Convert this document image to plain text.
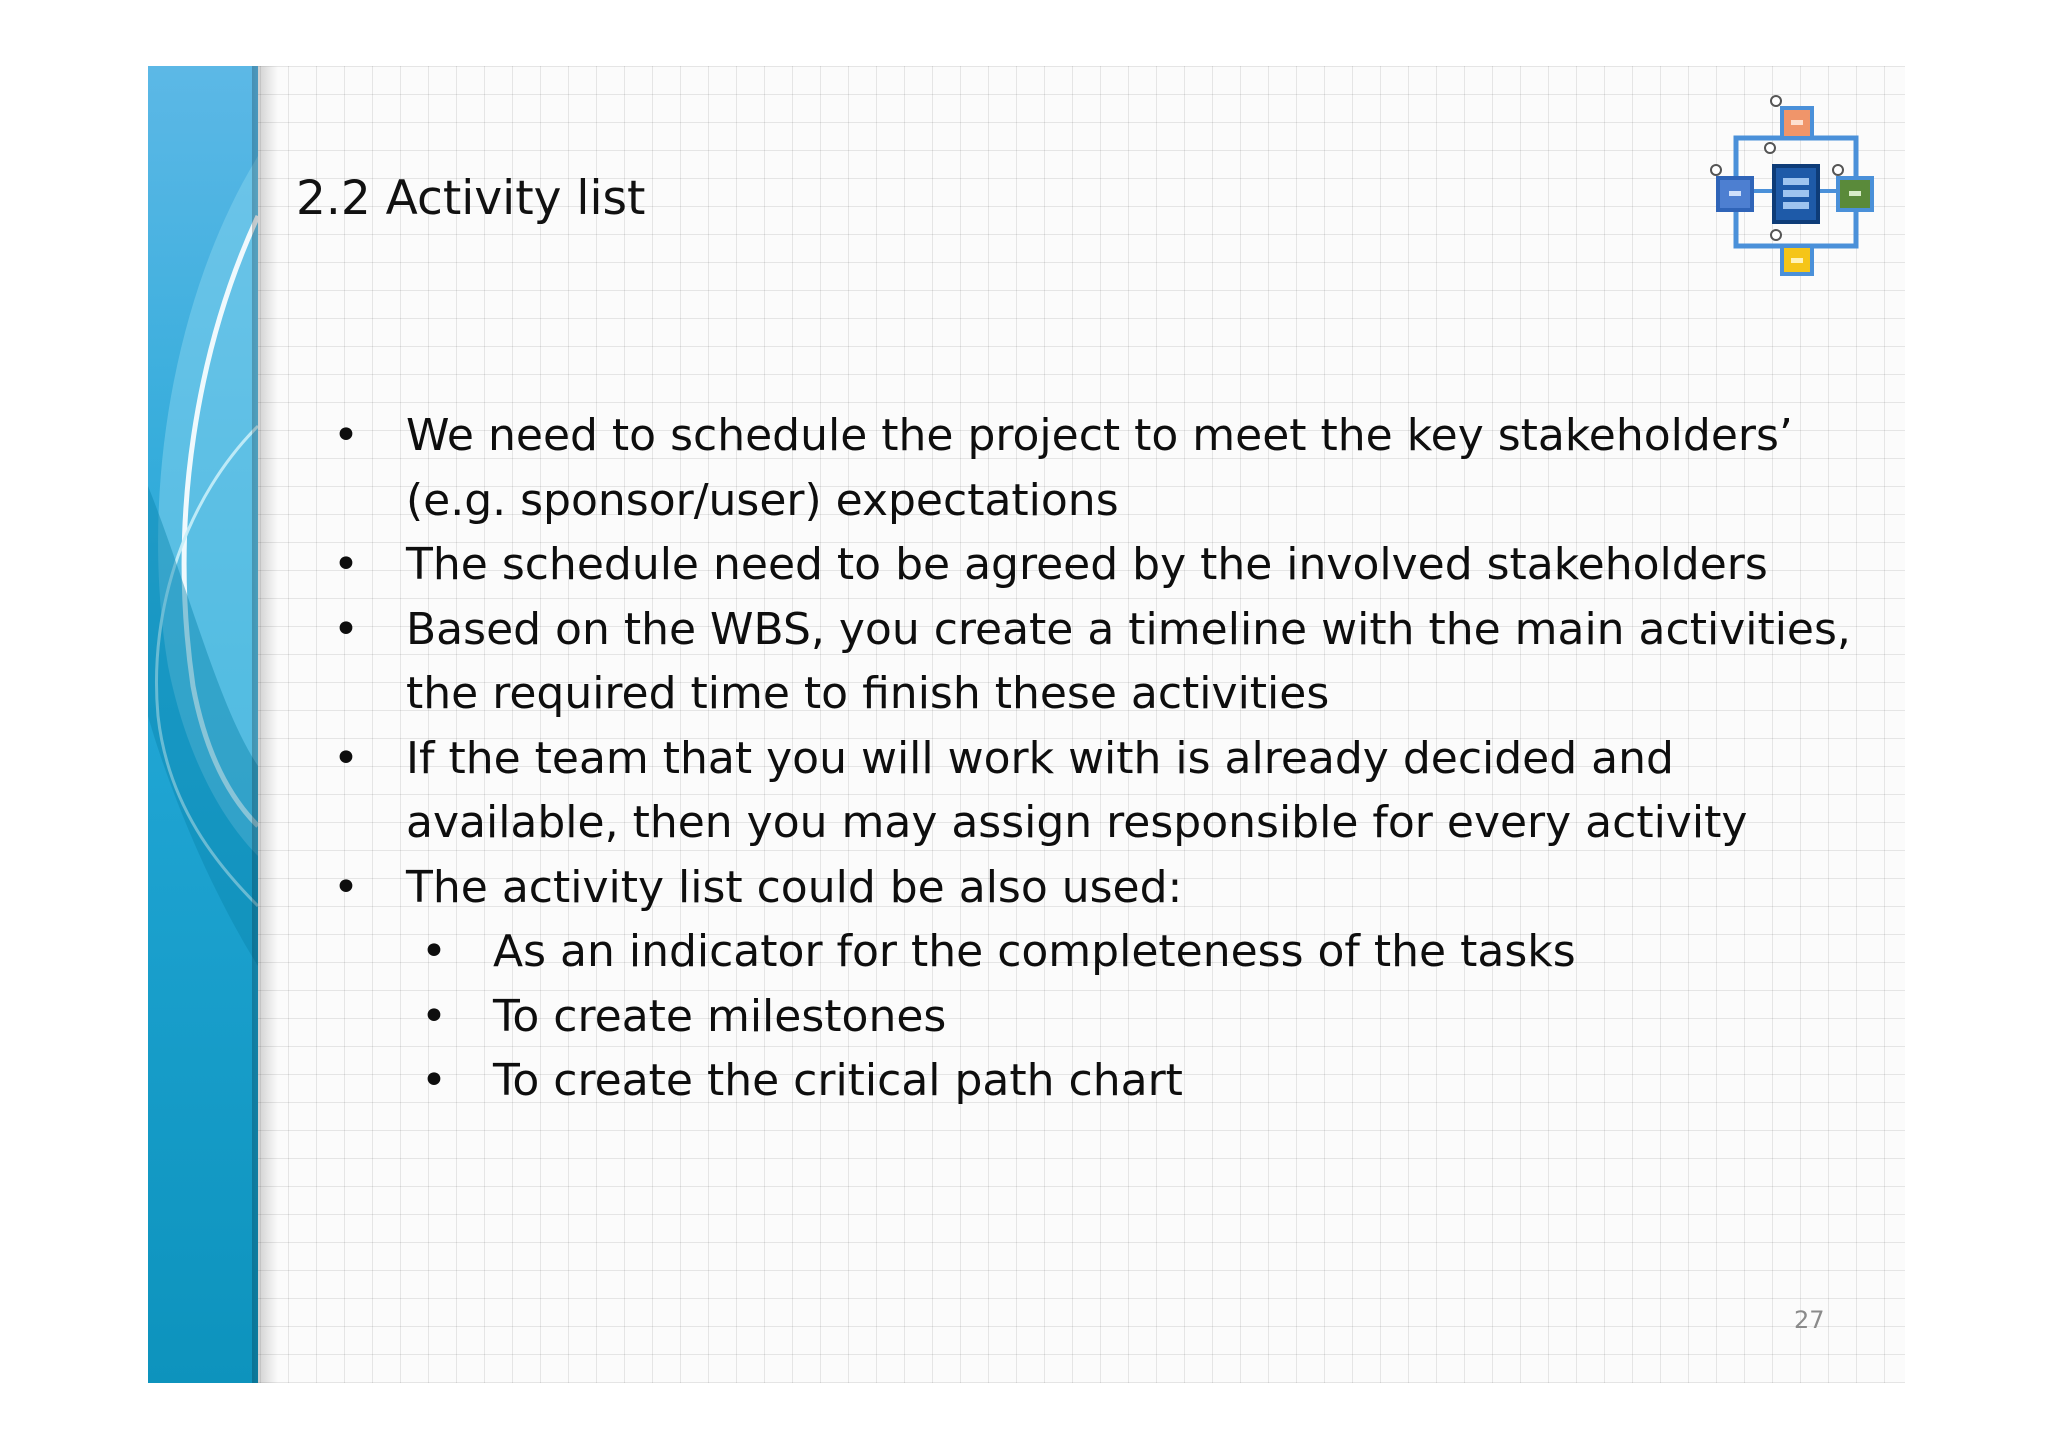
2.2 Activity list
• We need to schedule the project to meet the key stakeholders’ (e.g. sponsor/user) expectations
• The schedule need to be agreed by the involved stakeholders
• Based on the WBS, you create a timeline with the main activities, the required time to finish these activities
• If the team that you will work with is already decided and available, then you may assign responsible for every activity
• The activity list could be also used:
• As an indicator for the completeness of the tasks
• To create milestones
• To create the critical path chart
27
